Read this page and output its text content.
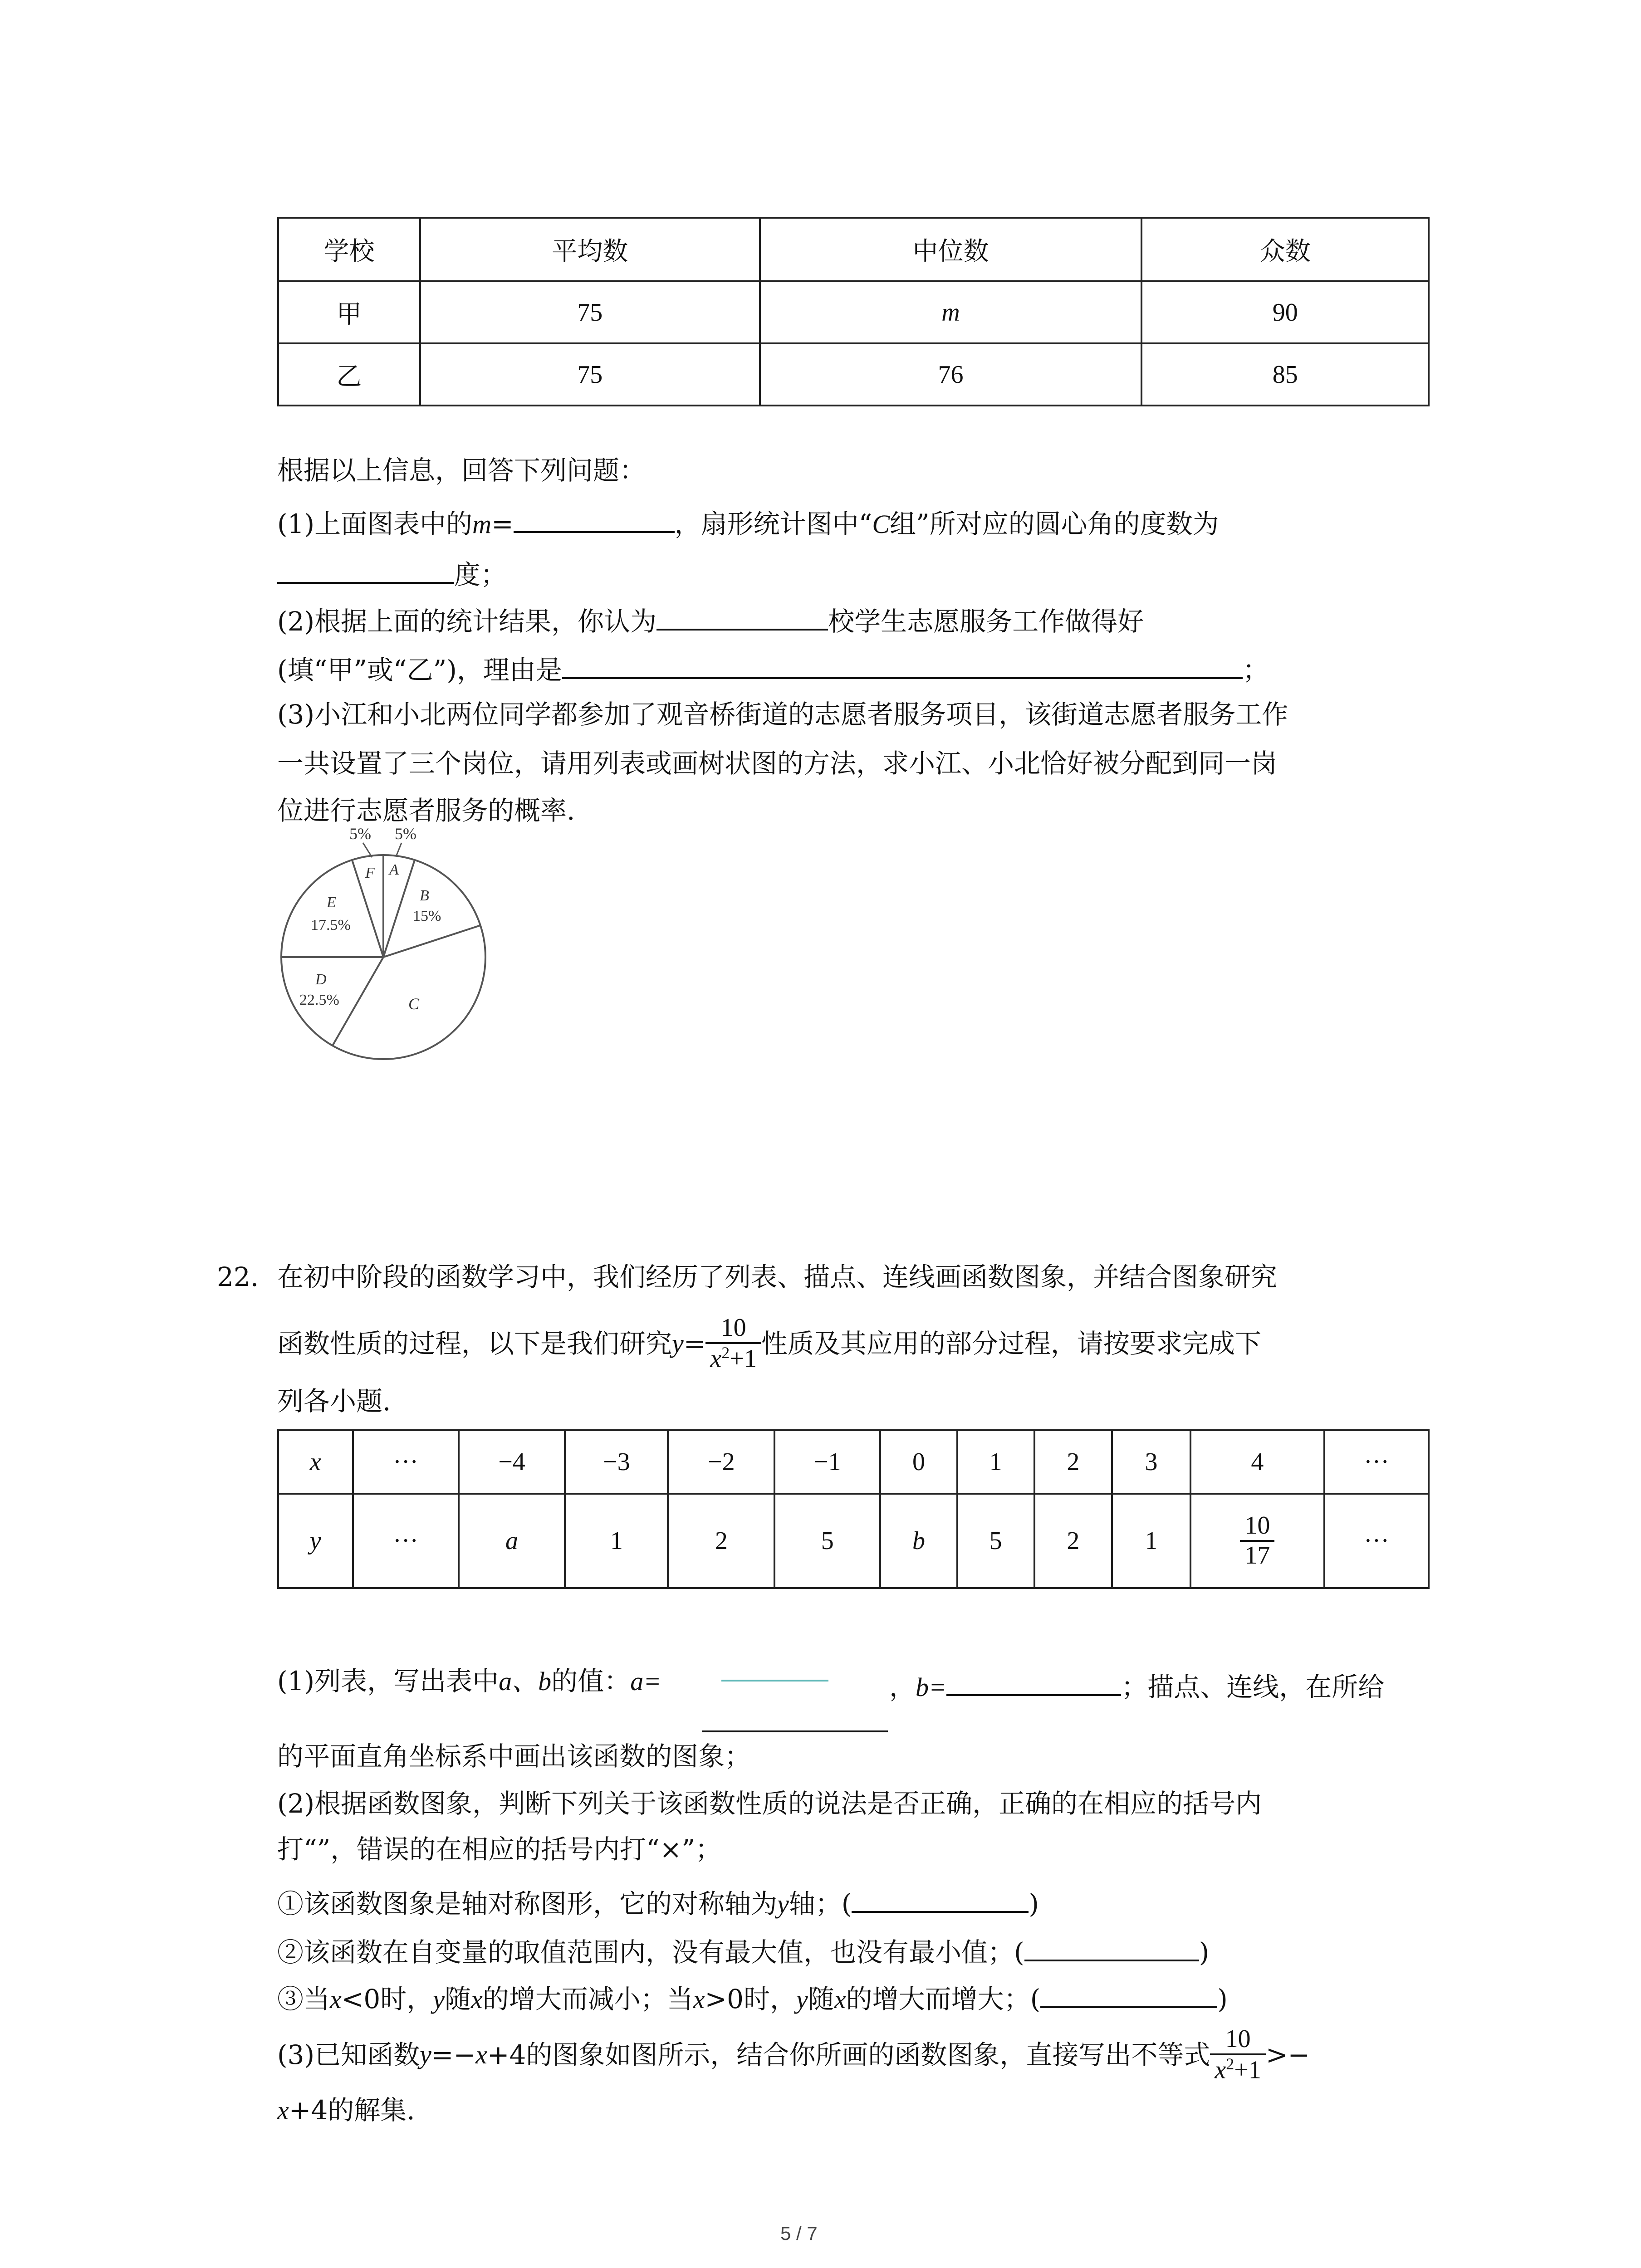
学校	平均数	中位数	众数
甲	75	m	90
乙	75	76	85
根据以上信息，回答下列问题：
(1)上面图表中的m=	，扇形统计图中“C组”所对应的圆心角的度数为
度；
(2)根据上面的统计结果，你认为	校学生志愿服务工作做得好
(填“甲”或“乙”)，理由是	；
(3)小江和小北两位同学都参加了观音桥街道的志愿者服务项目，该街道志愿者服务工作
一共设置了三个岗位，请用列表或画树状图的方法，求小江、小北恰好被分配到同一岗
位进行志愿者服务的概率.
5% 5%
F A
B
15%
E
17.5%
D
22.5%	C
22. 在初中阶段的函数学习中，我们经历了列表、描点、连线画函数图象，并结合图象研究
函数性质的过程，以下是我们研究 $y = \frac{10}{x^2+1}$ 性质及其应用的部分过程，请按要求完成下
列各小题.
x	···	−4	−3	−2	−1	0	1	2	3	4	···
y	···	a	1	2	5	b	5	2	1	$\frac{10}{17}$	···
(1)列表，写出表中a、b的值：a=	，b=	；描点、连线，在所给
的平面直角坐标系中画出该函数的图象；
(2)根据函数图象，判断下列关于该函数性质的说法是否正确，正确的在相应的括号内
打“”，错误的在相应的括号内打“×”；
①该函数图象是轴对称图形，它的对称轴为y轴；(	)
②该函数在自变量的取值范围内，没有最大值，也没有最小值；(	)
③当x<0时，y随x的增大而减小；当x>0时，y随x的增大而增大；(	)
(3)已知函数 y =− x +4的图象如图所示，结合你所画的函数图象，直接写出不等式 $\frac{10}{x^2+1}$ >−
x+4的解集.
5 / 7
